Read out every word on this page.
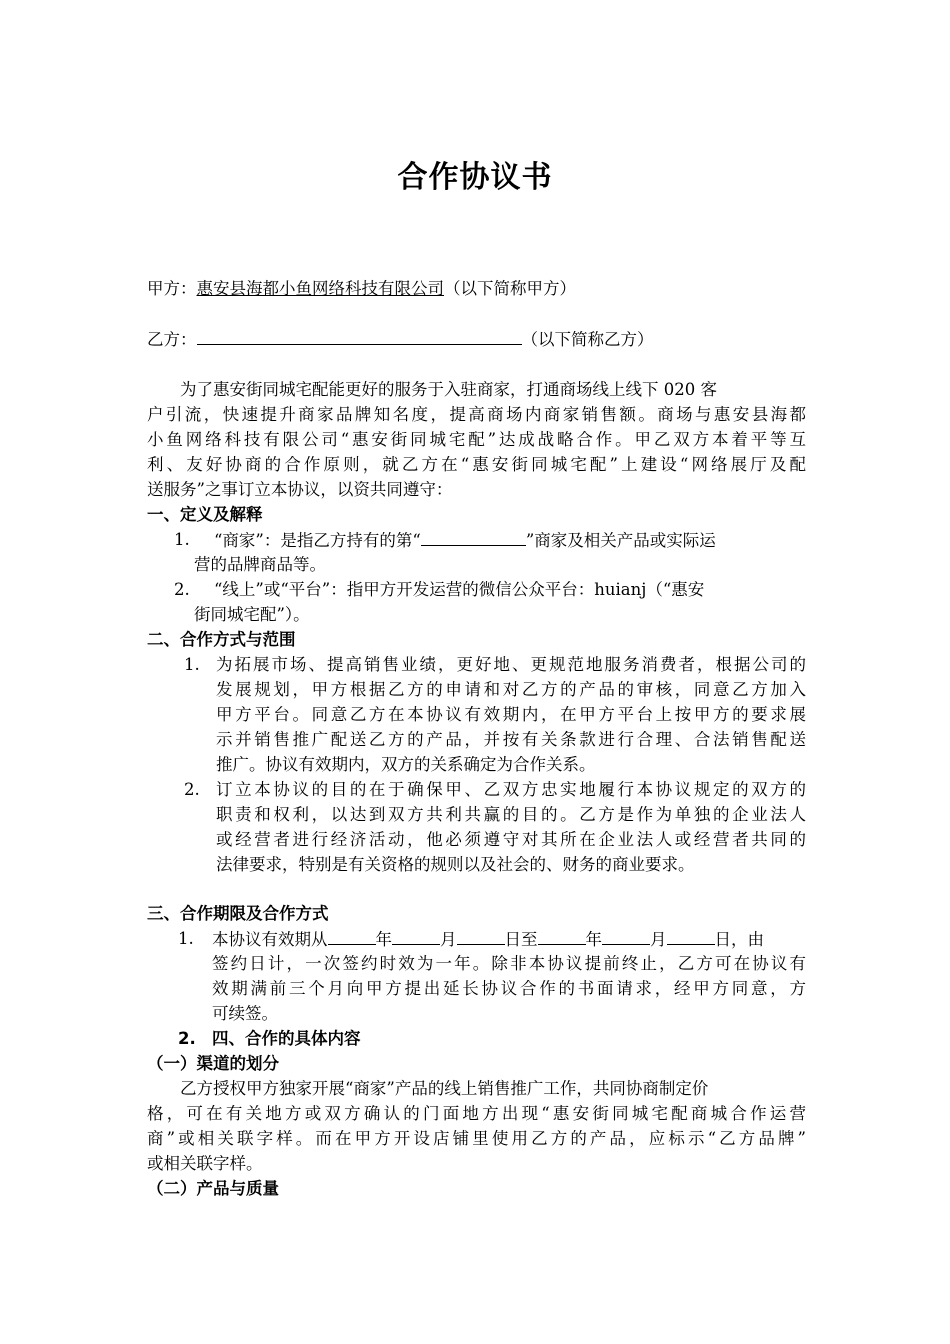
合作协议书
甲方：惠安县海都小鱼网络科技有限公司（以下简称甲方）
乙方：	（以下简称乙方）
为了惠安街同城宅配能更好的服务于入驻商家，打通商场线上线下 020 客
户引流，快速提升商家品牌知名度，提高商场内商家销售额。商场与惠安县海都
小鱼网络科技有限公司“惠安街同城宅配”达成战略合作。甲乙双方本着平等互
利、友好协商的合作原则，就乙方在“惠安街同城宅配”上建设“网络展厅及配
送服务”之事订立本协议，以资共同遵守：
一、定义及解释
1. “商家”：是指乙方持有的第“	”商家及相关产品或实际运
营的品牌商品等。
2. “线上”或“平台”：指甲方开发运营的微信公众平台：huianj（“惠安
街同城宅配”）。
二、合作方式与范围
1. 为拓展市场、提高销售业绩，更好地、更规范地服务消费者，根据公司的
发展规划，甲方根据乙方的申请和对乙方的产品的审核，同意乙方加入
甲方平台。同意乙方在本协议有效期内，在甲方平台上按甲方的要求展
示并销售推广配送乙方的产品，并按有关条款进行合理、合法销售配送
推广。协议有效期内，双方的关系确定为合作关系。
2. 订立本协议的目的在于确保甲、乙双方忠实地履行本协议规定的双方的
职责和权利，以达到双方共利共赢的目的。乙方是作为单独的企业法人
或经营者进行经济活动，他必须遵守对其所在企业法人或经营者共同的
法律要求，特别是有关资格的规则以及社会的、财务的商业要求。
三、合作期限及合作方式
1. 本协议有效期从	年	月	日至	年	月	日，由
签约日计，一次签约时效为一年。除非本协议提前终止，乙方可在协议有
效期满前三个月向甲方提出延长协议合作的书面请求，经甲方同意，方
可续签。
2. 四、合作的具体内容
（一）渠道的划分
乙方授权甲方独家开展“商家”产品的线上销售推广工作，共同协商制定价
格，可在有关地方或双方确认的门面地方出现“惠安街同城宅配商城合作运营
商”或相关联字样。而在甲方开设店铺里使用乙方的产品，应标示“乙方品牌”
或相关联字样。
（二）产品与质量
